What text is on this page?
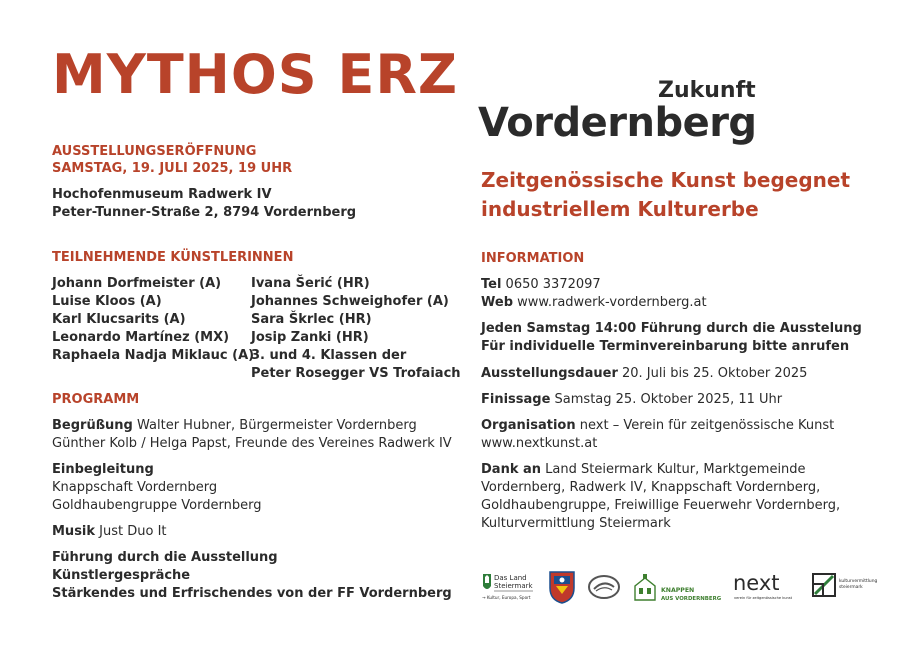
MYTHOS ERZ
AUSSTELLUNGSERÖFFNUNG
SAMSTAG, 19. JULI 2025, 19 UHR
Hochofenmuseum Radwerk IV
Peter-Tunner-Straße 2, 8794 Vordernberg
TEILNEHMENDE KÜNSTLERINNEN
Johann Dorfmeister (A)
Luise Kloos (A)
Karl Klucsarits (A)
Leonardo Martínez (MX)
Raphaela Nadja Miklauc (A)
Ivana Šerić (HR)
Johannes Schweighofer (A)
Sara Škrlec (HR)
Josip Zanki (HR)
3. und 4. Klassen der
Peter Rosegger VS Trofaiach
PROGRAMM
Begrüßung Walter Hubner, Bürgermeister Vordernberg
Günther Kolb / Helga Papst, Freunde des Vereines Radwerk IV
Einbegleitung
Knappschaft Vordernberg
Goldhaubengruppe Vordernberg
Musik Just Duo It
Führung durch die Ausstellung
Künstlergespräche
Stärkendes und Erfrischendes von der FF Vordernberg
Zukunft
Vordernberg
Zeitgenössische Kunst begegnet
industriellem Kulturerbe
INFORMATION
Tel 0650 3372097
Web www.radwerk-vordernberg.at
Jeden Samstag 14:00 Führung durch die Ausstelung
Für individuelle Terminvereinbarung bitte anrufen
Ausstellungsdauer 20. Juli bis 25. Oktober 2025
Finissage Samstag 25. Oktober 2025, 11 Uhr
Organisation next – Verein für zeitgenössische Kunst
www.nextkunst.at
Dank an Land Steiermark Kultur, Marktgemeinde
Vordernberg, Radwerk IV, Knappschaft Vordernberg,
Goldhaubengruppe, Freiwillige Feuerwehr Vordernberg,
Kulturvermittlung Steiermark
Das Land
Steiermark
→ Kultur, Europa, Sport
KNAPPEN
AUS VORDERNBERG
next
verein für zeitgenössische kunst
kulturvermittlung
steiermark
